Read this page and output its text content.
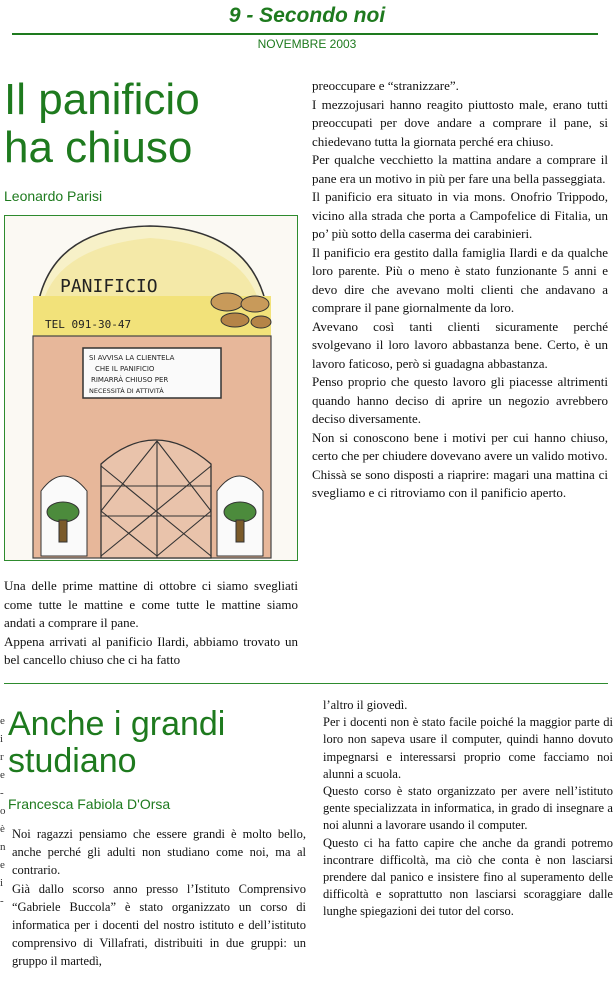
9 - Secondo noi
NOVEMBRE 2003
Il panificio
ha chiuso
Leonardo Parisi
PANIFICIO
TEL 091-30-47
SI AVVISA LA CLIENTELA
CHE IL PANIFICIO
RIMARRÀ CHIUSO PER
NECESSITÀ DI ATTIVITÀ

Una delle prime mattine di ottobre ci siamo svegliati come tutte le mattine e come tutte le mattine siamo andati a comprare il pane.

Appena arrivati al panificio Ilardi, abbiamo trovato un bel cancello chiuso che ci ha fatto

preoccupare e “stranizzare”.

I mezzojusari hanno reagito piuttosto male, erano tutti preoccupati per dove andare a comprare il pane, si chiedevano tutta la giornata perché era chiuso.

Per qualche vecchietto la mattina andare a comprare il pane era un motivo in più per fare una bella passeggiata.

Il panificio era situato in via mons. Onofrio Trippodo, vicino alla strada che porta a Campofelice di Fitalia, un po’ più sotto della caserma dei carabinieri.

Il panificio era gestito dalla famiglia Ilardi e da qualche loro parente. Più o meno è stato funzionante 5 anni e devo dire che avevano molti clienti che andavano a comprare il pane giornalmente da loro.

Avevano così tanti clienti sicuramente perché svolgevano il loro lavoro abbastanza bene. Certo, è un lavoro faticoso, però si guadagna abbastanza.

Penso proprio che questo lavoro gli piacesse altrimenti quando hanno deciso di aprire un negozio avrebbero deciso diversamente.

Non si conoscono bene i motivi per cui hanno chiuso, certo che per chiudere dovevano avere un valido motivo.

Chissà se sono disposti a riaprire: magari una mattina ci svegliamo e ci ritroviamo con il panificio aperto.

e
i
r
e
-
o
è
n
e
i
-
Anche i grandi
studiano
Francesca Fabiola D'Orsa

Noi ragazzi pensiamo che essere grandi è molto bello, anche perché gli adulti non studiano come noi, ma al contrario.

Già dallo scorso anno presso l’Istituto Comprensivo “Gabriele Buccola” è stato organizzato un corso di informatica per i docenti del nostro istituto e dell’istituto comprensivo di Villafrati, distribuiti in due gruppi: un gruppo il martedì,

l’altro il giovedì.

Per i docenti non è stato facile poiché la maggior parte di loro non sapeva usare il computer, quindi hanno dovuto impegnarsi e interessarsi proprio come facciamo noi alunni a scuola.

Questo corso è stato organizzato per avere nell’istituto gente specializzata in informatica, in grado di insegnare a noi alunni a lavorare usando il computer.

Questo ci ha fatto capire che anche da grandi potremo incontrare difficoltà, ma ciò che conta è non lasciarsi prendere dal panico e insistere fino al superamento delle difficoltà e soprattutto non lasciarsi scoraggiare dalle lunghe spiegazioni dei tutor del corso.
